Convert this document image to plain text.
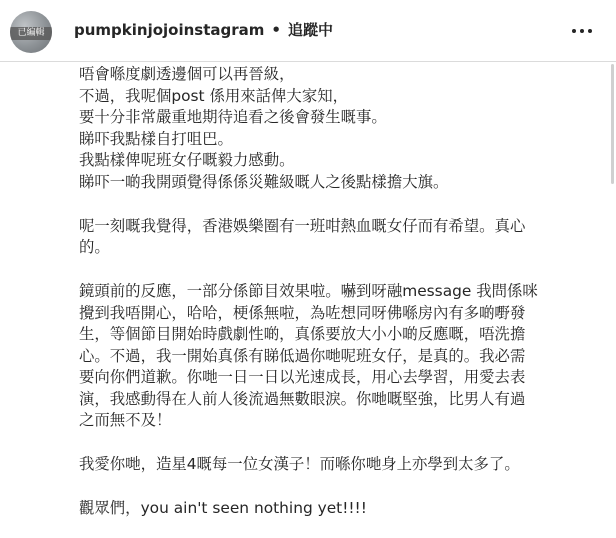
已編輯	pumpkinjojoinstagram • 追蹤中
唔會喺度劇透邊個可以再晉級，
不過，我呢個post 係用來話俾大家知，
要十分非常嚴重地期待追看之後會發生嘅事。
睇吓我點樣自打咀巴。
我點樣俾呢班女仔嘅毅力感動。
睇吓一啲我開頭覺得係係災難級嘅人之後點樣擔大旗。
呢一刻嘅我覺得，香港娛樂圈有一班咁熱血嘅女仔而有希望。真心
的。
鏡頭前的反應，一部分係節目效果啦。嚇到呀融message 我問係咪
攪到我唔開心，哈哈，梗係無啦，為咗想同呀佛喺房內有多啲嘢發
生，等個節目開始時戲劇性啲，真係要放大小小啲反應嘅，唔洗擔
心。不過，我一開始真係有睇低過你哋呢班女仔，是真的。我必需
要向你們道歉。你哋一日一日以光速成長，用心去學習，用愛去表
演，我感動得在人前人後流過無數眼淚。你哋嘅堅強，比男人有過
之而無不及！
我愛你哋，造星4嘅每一位女漢子！而喺你哋身上亦學到太多了。
觀眾們，you ain't seen nothing yet!!!!
